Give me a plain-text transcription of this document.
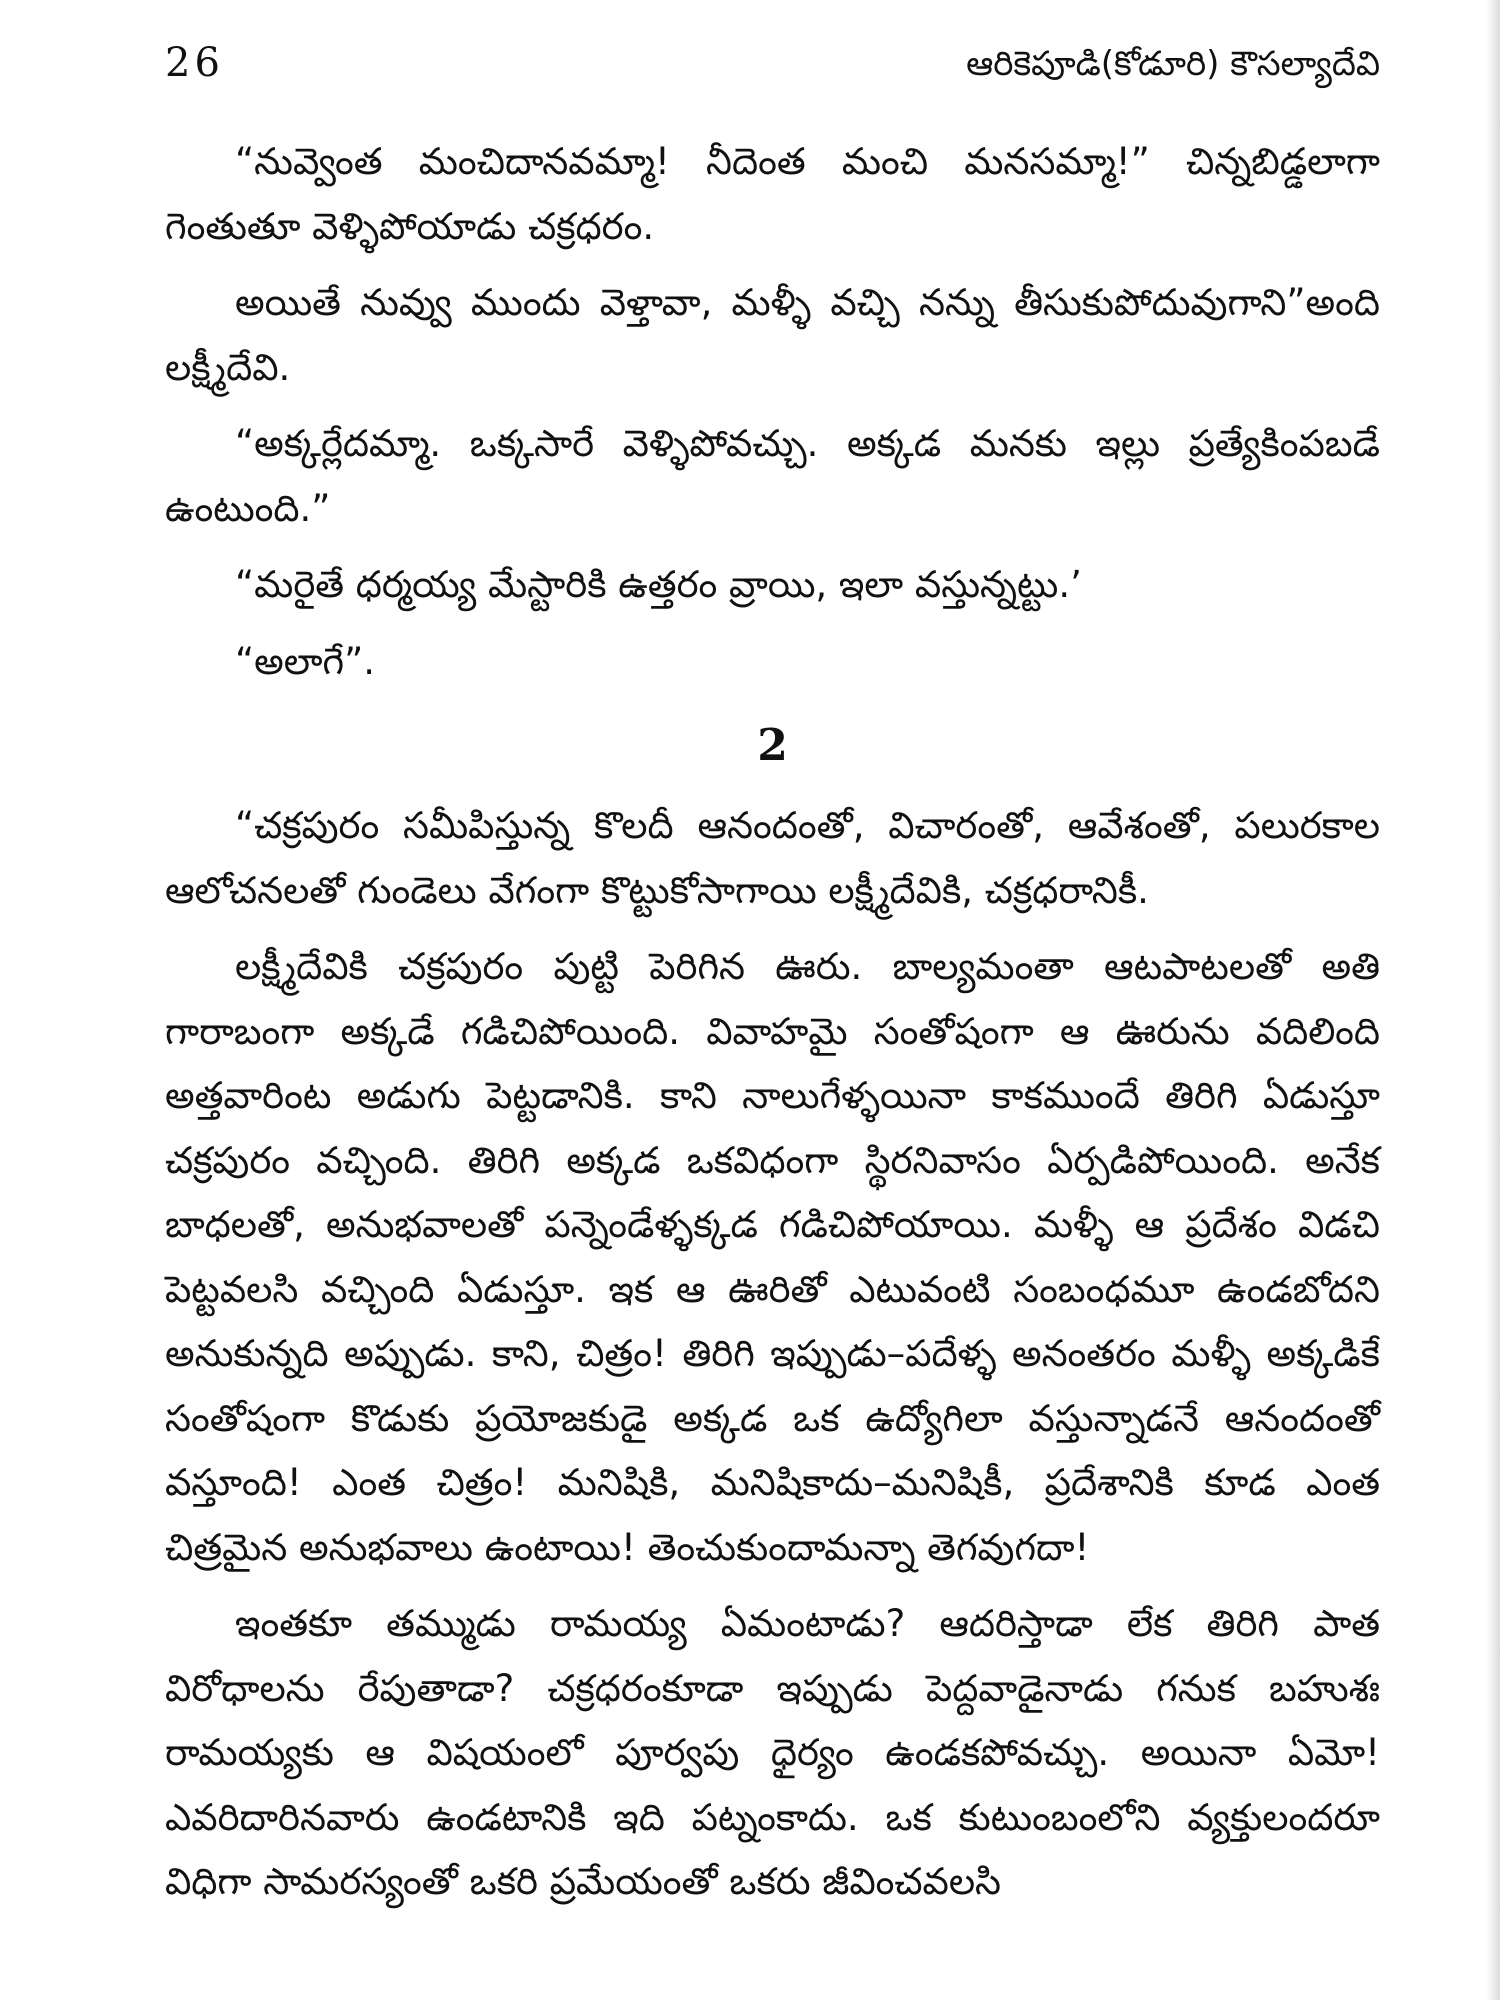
26	ఆరికెపూడి(కోడూరి) కౌసల్యాదేవి

“నువ్వెంత మంచిదానవమ్మా! నీదెంత మంచి మనసమ్మా!” చిన్నబిడ్డలాగా గెంతుతూ వెళ్ళిపోయాడు చక్రధరం.

అయితే నువ్వు ముందు వెళ్తావా, మళ్ళీ వచ్చి నన్ను తీసుకుపోదువుగాని”అంది లక్ష్మీదేవి.

“అక్కర్లేదమ్మా. ఒక్కసారే వెళ్ళిపోవచ్చు. అక్కడ మనకు ఇల్లు ప్రత్యేకింపబడే ఉంటుంది.”

“మరైతే ధర్మయ్య మేస్టారికి ఉత్తరం వ్రాయి, ఇలా వస్తున్నట్టు.’

“అలాగే”.

2

“చక్రపురం సమీపిస్తున్న కొలదీ ఆనందంతో, విచారంతో, ఆవేశంతో, పలురకాల ఆలోచనలతో గుండెలు వేగంగా కొట్టుకోసాగాయి లక్ష్మీదేవికి, చక్రధరానికీ.

లక్ష్మీదేవికి చక్రపురం పుట్టి పెరిగిన ఊరు. బాల్యమంతా ఆటపాటలతో అతి గారాబంగా అక్కడే గడిచిపోయింది. వివాహమై సంతోషంగా ఆ ఊరును వదిలింది అత్తవారింట అడుగు పెట్టడానికి. కాని నాలుగేళ్ళయినా కాకముందే తిరిగి ఏడుస్తూ చక్రపురం వచ్చింది. తిరిగి అక్కడ ఒకవిధంగా స్థిరనివాసం ఏర్పడిపోయింది. అనేక బాధలతో, అనుభవాలతో పన్నెండేళ్ళక్కడ గడిచిపోయాయి. మళ్ళీ ఆ ప్రదేశం విడచి పెట్టవలసి వచ్చింది ఏడుస్తూ. ఇక ఆ ఊరితో ఎటువంటి సంబంధమూ ఉండబోదని అనుకున్నది అప్పుడు. కాని, చిత్రం! తిరిగి ఇప్పుడు–పదేళ్ళ అనంతరం మళ్ళీ అక్కడికే సంతోషంగా కొడుకు ప్రయోజకుడై అక్కడ ఒక ఉద్యోగిలా వస్తున్నాడనే ఆనందంతో వస్తూంది! ఎంత చిత్రం! మనిషికి, మనిషికాదు–మనిషికీ, ప్రదేశానికి కూడ ఎంత చిత్రమైన అనుభవాలు ఉంటాయి! తెంచుకుందామన్నా తెగవుగదా!

ఇంతకూ తమ్ముడు రామయ్య ఏమంటాడు? ఆదరిస్తాడా లేక తిరిగి పాత విరోధాలను రేపుతాడా? చక్రధరంకూడా ఇప్పుడు పెద్దవాడైనాడు గనుక బహుశః రామయ్యకు ఆ విషయంలో పూర్వపు ధైర్యం ఉండకపోవచ్చు. అయినా ఏమో! ఎవరిదారినవారు ఉండటానికి ఇది పట్నంకాదు. ఒక కుటుంబంలోని వ్యక్తులందరూ విధిగా సామరస్యంతో ఒకరి ప్రమేయంతో ఒకరు జీవించవలసి
